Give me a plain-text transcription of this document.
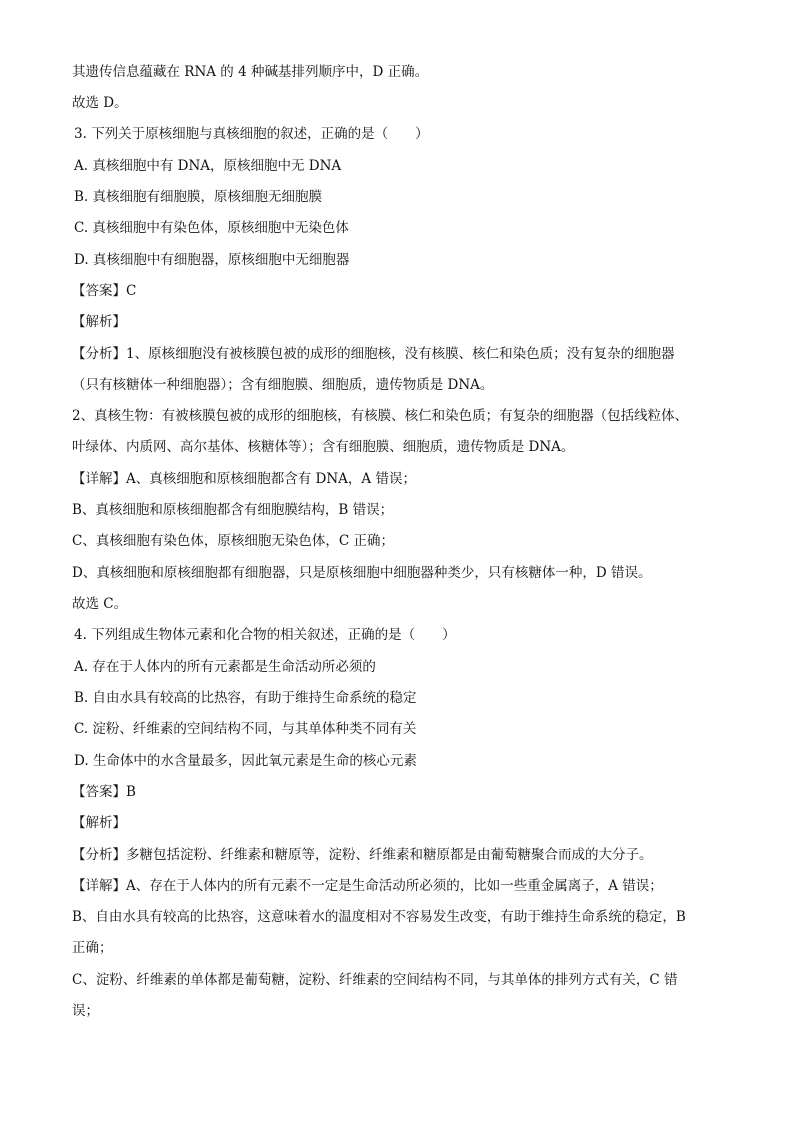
其遗传信息蕴藏在 RNA 的 4 种碱基排列顺序中，D 正确。
故选 D。
3. 下列关于原核细胞与真核细胞的叙述，正确的是（　　）
A. 真核细胞中有 DNA，原核细胞中无 DNA
B. 真核细胞有细胞膜，原核细胞无细胞膜
C. 真核细胞中有染色体，原核细胞中无染色体
D. 真核细胞中有细胞器，原核细胞中无细胞器
【答案】C
【解析】
【分析】1、原核细胞没有被核膜包被的成形的细胞核，没有核膜、核仁和染色质；没有复杂的细胞器
（只有核糖体一种细胞器）；含有细胞膜、细胞质，遗传物质是 DNA。
2、真核生物：有被核膜包被的成形的细胞核，有核膜、核仁和染色质；有复杂的细胞器（包括线粒体、
叶绿体、内质网、高尔基体、核糖体等）；含有细胞膜、细胞质，遗传物质是 DNA。
【详解】A、真核细胞和原核细胞都含有 DNA，A 错误；
B、真核细胞和原核细胞都含有细胞膜结构，B 错误；
C、真核细胞有染色体，原核细胞无染色体，C 正确；
D、真核细胞和原核细胞都有细胞器，只是原核细胞中细胞器种类少，只有核糖体一种，D 错误。
故选 C。
4. 下列组成生物体元素和化合物的相关叙述，正确的是（　　）
A. 存在于人体内的所有元素都是生命活动所必须的
B. 自由水具有较高的比热容，有助于维持生命系统的稳定
C. 淀粉、纤维素的空间结构不同，与其单体种类不同有关
D. 生命体中的水含量最多，因此氧元素是生命的核心元素
【答案】B
【解析】
【分析】多糖包括淀粉、纤维素和糖原等，淀粉、纤维素和糖原都是由葡萄糖聚合而成的大分子。
【详解】A、存在于人体内的所有元素不一定是生命活动所必须的，比如一些重金属离子，A 错误；
B、自由水具有较高的比热容，这意味着水的温度相对不容易发生改变，有助于维持生命系统的稳定，B
正确；
C、淀粉、纤维素的单体都是葡萄糖，淀粉、纤维素的空间结构不同，与其单体的排列方式有关，C 错
误；
